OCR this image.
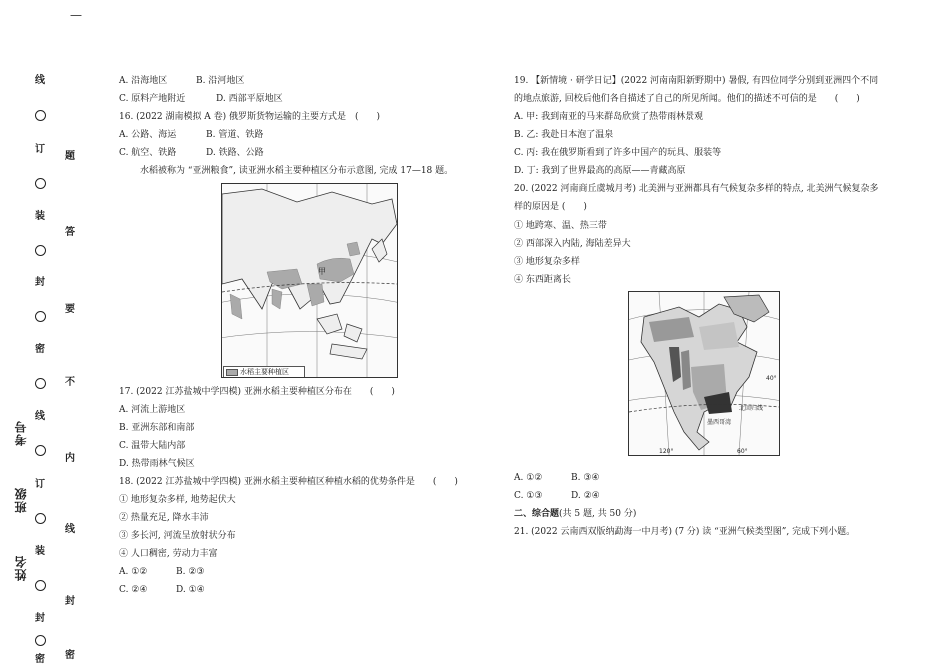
—
线
订
装
封
密
线
订
装
封
密
题
答
要
不
内
线
封
密
考号
班级
姓名
A. 沿海地区	B. 沿河地区
C. 原料产地附近	D. 西部平原地区
16. (2022 湖南模拟 A 卷) 俄罗斯货物运输的主要方式是　(　　)
A. 公路、海运	B. 管道、铁路
C. 航空、铁路	D. 铁路、公路
水稻被称为 “亚洲粮食”, 读亚洲水稻主要种植区分布示意图, 完成 17—18 题。
甲
水稻主要种植区
17. (2022 江苏盐城中学四模) 亚洲水稻主要种植区分布在　　(　　)
A. 河流上游地区
B. 亚洲东部和南部
C. 温带大陆内部
D. 热带雨林气候区
18. (2022 江苏盐城中学四模) 亚洲水稻主要种植区种植水稻的优势条件是　　(　　)
① 地形复杂多样, 地势起伏大
② 热量充足, 降水丰沛
③ 多长河, 河流呈放射状分布
④ 人口稠密, 劳动力丰富
A. ①②	B. ②③
C. ②④	D. ①④
19. 【新情境 · 研学日记】(2022 河南南阳新野期中) 暑假, 有四位同学分别到亚洲四个不同
的地点旅游, 回校后他们各自描述了自己的所见所闻。他们的描述不可信的是　　(　　)
A. 甲: 我到南亚的马来群岛欣赏了热带雨林景观
B. 乙: 我赴日本泡了温泉
C. 丙: 我在俄罗斯看到了许多中国产的玩具、服装等
D. 丁: 我到了世界最高的高原——青藏高原
20. (2022 河南商丘虞城月考) 北美洲与亚洲都具有气候复杂多样的特点, 北美洲气候复杂多
样的原因是 (　　)
① 地跨寒、温、热三带
② 西部深入内陆, 海陆差异大
③ 地形复杂多样
④ 东西距离长
北回归线
墨西哥湾
120°	60°
40°
A. ①②	B. ③④
C. ①③	D. ②④
二、综合题(共 5 题, 共 50 分)
21. (2022 云南西双版纳勐海一中月考) (7 分) 读 “亚洲气候类型图”, 完成下列小题。
